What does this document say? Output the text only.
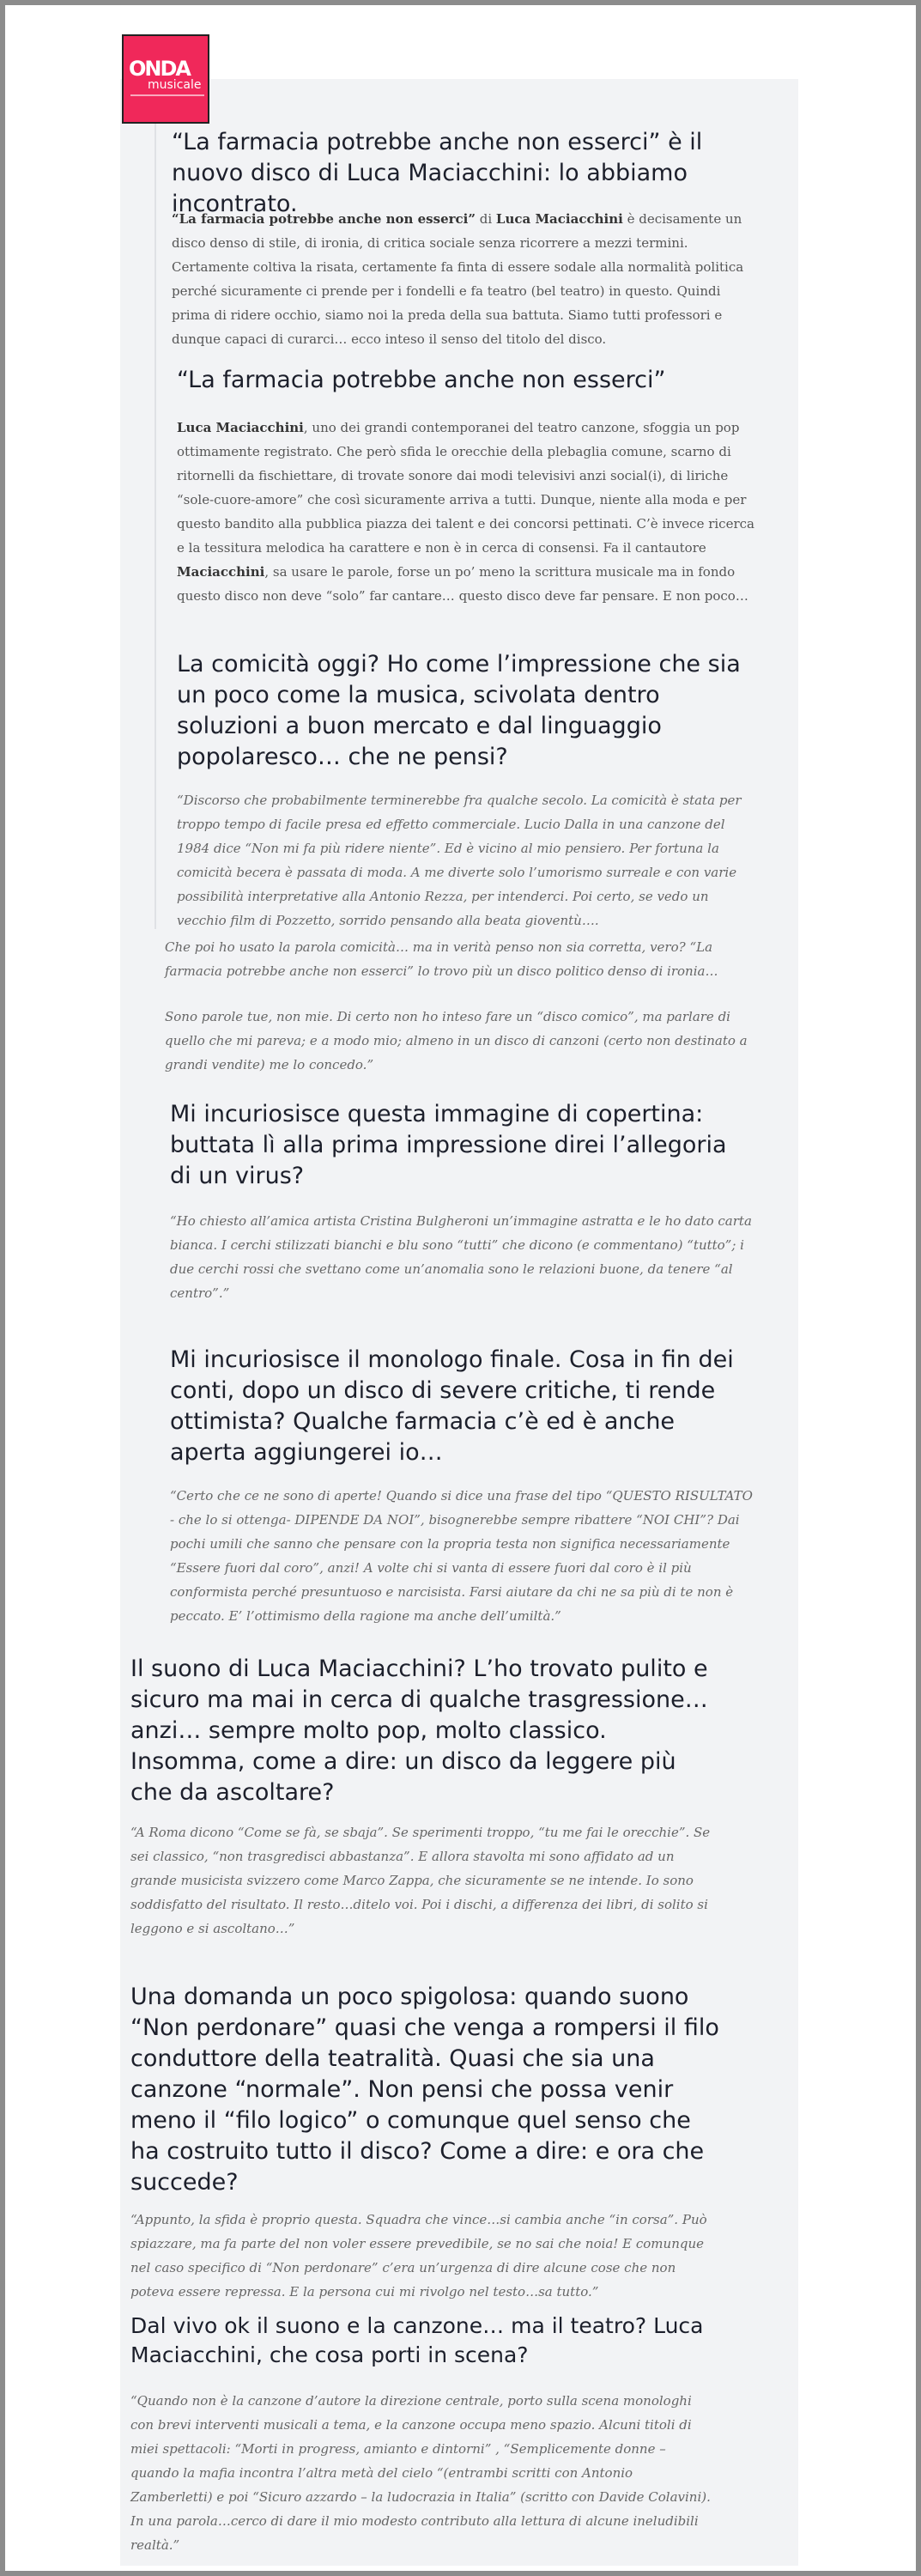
ONDA
musicale
“La farmacia potrebbe anche non esserci” è il nuovo disco di Luca Maciacchini: lo abbiamo incontrato.

“La farmacia potrebbe anche non esserci” di Luca Maciacchini è decisamente un disco denso di stile, di ironia, di critica sociale senza ricorrere a mezzi termini. Certamente coltiva la risata, certamente fa finta di essere sodale alla normalità politica perché sicuramente ci prende per i fondelli e fa teatro (bel teatro) in questo. Quindi prima di ridere occhio, siamo noi la preda della sua battuta. Siamo tutti professori e dunque capaci di curarci… ecco inteso il senso del titolo del disco.

“La farmacia potrebbe anche non esserci”

Luca Maciacchini, uno dei grandi contemporanei del teatro canzone, sfoggia un pop ottimamente registrato. Che però sfida le orecchie della plebaglia comune, scarno di ritornelli da fischiettare, di trovate sonore dai modi televisivi anzi social(i), di liriche “sole-cuore-amore” che così sicuramente arriva a tutti. Dunque, niente alla moda e per questo bandito alla pubblica piazza dei talent e dei concorsi pettinati. C’è invece ricerca e la tessitura melodica ha carattere e non è in cerca di consensi. Fa il cantautore Maciacchini, sa usare le parole, forse un po’ meno la scrittura musicale ma in fondo questo disco non deve “solo” far cantare… questo disco deve far pensare. E non poco…

La comicità oggi? Ho come l’impressione che sia un poco come la musica, scivolata dentro soluzioni a buon mercato e dal linguaggio popolaresco… che ne pensi?

“Discorso che probabilmente terminerebbe fra qualche secolo. La comicità è stata per troppo tempo di facile presa ed effetto commerciale. Lucio Dalla in una canzone del 1984 dice “Non mi fa più ridere niente”. Ed è vicino al mio pensiero. Per fortuna la comicità becera è passata di moda. A me diverte solo l’umorismo surreale e con varie possibilità interpretative alla Antonio Rezza, per intenderci. Poi certo, se vedo un vecchio film di Pozzetto, sorrido pensando alla beata gioventù….

Che poi ho usato la parola comicità… ma in verità penso non sia corretta, vero? “La farmacia potrebbe anche non esserci” lo trovo più un disco politico denso di ironia…

Sono parole tue, non mie. Di certo non ho inteso fare un “disco comico”, ma parlare di quello che mi pareva; e a modo mio; almeno in un disco di canzoni (certo non destinato a grandi vendite) me lo concedo.”

Mi incuriosisce questa immagine di copertina: buttata lì alla prima impressione direi l’allegoria di un virus?

“Ho chiesto all’amica artista Cristina Bulgheroni un’immagine astratta e le ho dato carta bianca. I cerchi stilizzati bianchi e blu sono “tutti” che dicono (e commentano) “tutto”; i due cerchi rossi che svettano come un’anomalia sono le relazioni buone, da tenere “al centro”.”

Mi incuriosisce il monologo finale. Cosa in fin dei conti, dopo un disco di severe critiche, ti rende ottimista? Qualche farmacia c’è ed è anche aperta aggiungerei io…

“Certo che ce ne sono di aperte! Quando si dice una frase del tipo “QUESTO RISULTATO - che lo si ottenga- DIPENDE DA NOI”, bisognerebbe sempre ribattere “NOI CHI”? Dai pochi umili che sanno che pensare con la propria testa non significa necessariamente “Essere fuori dal coro”, anzi! A volte chi si vanta di essere fuori dal coro è il più conformista perché presuntuoso e narcisista. Farsi aiutare da chi ne sa più di te non è peccato. E’ l’ottimismo della ragione ma anche dell’umiltà.”

Il suono di Luca Maciacchini? L’ho trovato pulito e sicuro ma mai in cerca di qualche trasgressione… anzi… sempre molto pop, molto classico. Insomma, come a dire: un disco da leggere più che da ascoltare?

“A Roma dicono “Come se fà, se sbaja”. Se sperimenti troppo, “tu me fai le orecchie”. Se sei classico, “non trasgredisci abbastanza”. E allora stavolta mi sono affidato ad un grande musicista svizzero come Marco Zappa, che sicuramente se ne intende. Io sono soddisfatto del risultato. Il resto…ditelo voi. Poi i dischi, a differenza dei libri, di solito si leggono e si ascoltano…”

Una domanda un poco spigolosa: quando suono “Non perdonare” quasi che venga a rompersi il filo conduttore della teatralità. Quasi che sia una canzone “normale”. Non pensi che possa venir meno il “filo logico” o comunque quel senso che ha costruito tutto il disco? Come a dire: e ora che succede?

“Appunto, la sfida è proprio questa. Squadra che vince…si cambia anche “in corsa”. Può spiazzare, ma fa parte del non voler essere prevedibile, se no sai che noia! E comunque nel caso specifico di “Non perdonare” c’era un’urgenza di dire alcune cose che non poteva essere repressa. E la persona cui mi rivolgo nel testo…sa tutto.”

Dal vivo ok il suono e la canzone… ma il teatro? Luca Maciacchini, che cosa porti in scena?

“Quando non è la canzone d’autore la direzione centrale, porto sulla scena monologhi con brevi interventi musicali a tema, e la canzone occupa meno spazio. Alcuni titoli di miei spettacoli: “Morti in progress, amianto e dintorni” , “Semplicemente donne – quando la mafia incontra l’altra metà del cielo “(entrambi scritti con Antonio Zamberletti) e poi “Sicuro azzardo – la ludocrazia in Italia” (scritto con Davide Colavini). In una parola…cerco di dare il mio modesto contributo alla lettura di alcune ineludibili realtà.”
